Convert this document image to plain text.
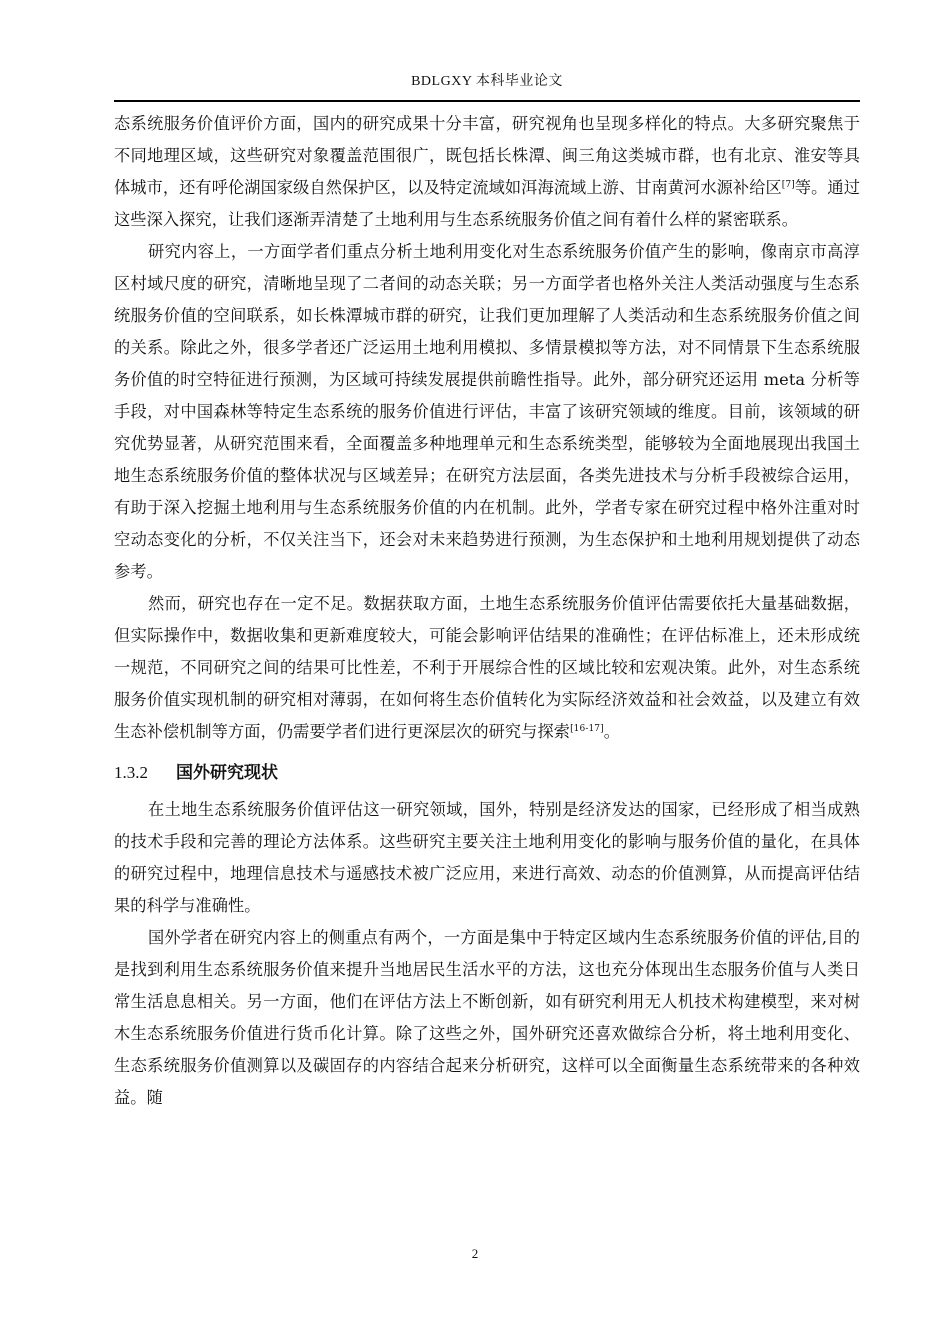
BDLGXY 本科毕业论文

态系统服务价值评价方面，国内的研究成果十分丰富，研究视角也呈现多样化的特点。大多研究聚焦于不同地理区域，这些研究对象覆盖范围很广，既包括长株潭、闽三角这类城市群，也有北京、淮安等具体城市，还有呼伦湖国家级自然保护区，以及特定流域如洱海流域上游、甘南黄河水源补给区[7]等。通过这些深入探究，让我们逐渐弄清楚了土地利用与生态系统服务价值之间有着什么样的紧密联系。

研究内容上，一方面学者们重点分析土地利用变化对生态系统服务价值产生的影响，像南京市高淳区村域尺度的研究，清晰地呈现了二者间的动态关联；另一方面学者也格外关注人类活动强度与生态系统服务价值的空间联系，如长株潭城市群的研究，让我们更加理解了人类活动和生态系统服务价值之间的关系。除此之外，很多学者还广泛运用土地利用模拟、多情景模拟等方法，对不同情景下生态系统服务价值的时空特征进行预测，为区域可持续发展提供前瞻性指导。此外，部分研究还运用 meta 分析等手段，对中国森林等特定生态系统的服务价值进行评估，丰富了该研究领域的维度。目前，该领域的研究优势显著，从研究范围来看，全面覆盖多种地理单元和生态系统类型，能够较为全面地展现出我国土地生态系统服务价值的整体状况与区域差异；在研究方法层面，各类先进技术与分析手段被综合运用，有助于深入挖掘土地利用与生态系统服务价值的内在机制。此外，学者专家在研究过程中格外注重对时空动态变化的分析，不仅关注当下，还会对未来趋势进行预测，为生态保护和土地利用规划提供了动态参考。

然而，研究也存在一定不足。数据获取方面，土地生态系统服务价值评估需要依托大量基础数据，但实际操作中，数据收集和更新难度较大，可能会影响评估结果的准确性；在评估标准上，还未形成统一规范，不同研究之间的结果可比性差，不利于开展综合性的区域比较和宏观决策。此外，对生态系统服务价值实现机制的研究相对薄弱，在如何将生态价值转化为实际经济效益和社会效益，以及建立有效生态补偿机制等方面，仍需要学者们进行更深层次的研究与探索[16-17]。

1.3.2 国外研究现状

在土地生态系统服务价值评估这一研究领域，国外，特别是经济发达的国家，已经形成了相当成熟的技术手段和完善的理论方法体系。这些研究主要关注土地利用变化的影响与服务价值的量化，在具体的研究过程中，地理信息技术与遥感技术被广泛应用，来进行高效、动态的价值测算，从而提高评估结果的科学与准确性。

国外学者在研究内容上的侧重点有两个，一方面是集中于特定区域内生态系统服务价值的评估,目的是找到利用生态系统服务价值来提升当地居民生活水平的方法，这也充分体现出生态服务价值与人类日常生活息息相关。另一方面，他们在评估方法上不断创新，如有研究利用无人机技术构建模型，来对树木生态系统服务价值进行货币化计算。除了这些之外，国外研究还喜欢做综合分析，将土地利用变化、生态系统服务价值测算以及碳固存的内容结合起来分析研究，这样可以全面衡量生态系统带来的各种效益。随

2
